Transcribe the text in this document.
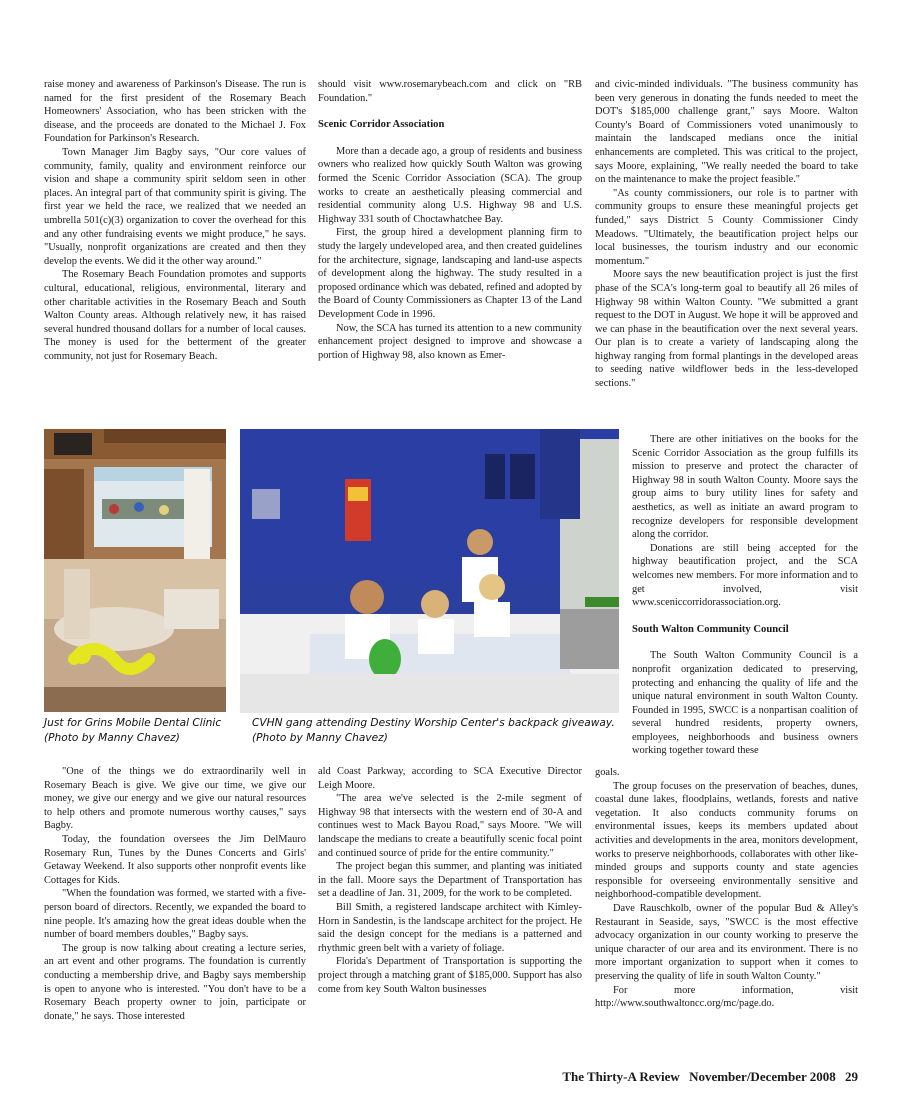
raise money and awareness of Parkinson's Disease. The run is named for the first president of the Rosemary Beach Homeowners' Association, who has been stricken with the disease, and the proceeds are donated to the Michael J. Fox Foundation for Parkinson's Research.

Town Manager Jim Bagby says, "Our core values of community, family, quality and environment reinforce our vision and shape a community spirit seldom seen in other places. An integral part of that community spirit is giving. The first year we held the race, we realized that we needed an umbrella 501(c)(3) organization to cover the overhead for this and any other fundraising events we might produce," he says. "Usually, nonprofit organizations are created and then they develop the events. We did it the other way around."

The Rosemary Beach Foundation promotes and supports cultural, educational, religious, environmental, literary and other charitable activities in the Rosemary Beach and South Walton County areas. Although relatively new, it has raised several hundred thousand dollars for a number of local causes. The money is used for the betterment of the greater community, not just for Rosemary Beach.

should visit www.rosemarybeach.com and click on "RB Foundation."

Scenic Corridor Association

More than a decade ago, a group of residents and business owners who realized how quickly South Walton was growing formed the Scenic Corridor Association (SCA). The group works to create an aesthetically pleasing commercial and residential community along U.S. Highway 98 and U.S. Highway 331 south of Choctawhatchee Bay.

First, the group hired a development planning firm to study the largely undeveloped area, and then created guidelines for the architecture, signage, landscaping and land-use aspects of development along the highway. The study resulted in a proposed ordinance which was debated, refined and adopted by the Board of County Commissioners as Chapter 13 of the Land Development Code in 1996.

Now, the SCA has turned its attention to a new community enhancement project designed to improve and showcase a portion of Highway 98, also known as Emer-

and civic-minded individuals. "The business community has been very generous in donating the funds needed to meet the DOT's $185,000 challenge grant," says Moore. Walton County's Board of Commissioners voted unanimously to maintain the landscaped medians once the initial enhancements are completed. This was critical to the project, says Moore, explaining, "We really needed the board to take on the maintenance to make the project feasible."

"As county commissioners, our role is to partner with community groups to ensure these meaningful projects get funded," says District 5 County Commissioner Cindy Meadows. "Ultimately, the beautification project helps our local businesses, the tourism industry and our economic momentum."

Moore says the new beautification project is just the first phase of the SCA's long-term goal to beautify all 26 miles of Highway 98 within Walton County. "We submitted a grant request to the DOT in August. We hope it will be approved and we can phase in the beautification over the next several years. Our plan is to create a variety of landscaping along the highway ranging from formal plantings in the developed areas to seeding native wildflower beds in the less-developed sections."

Just for Grins Mobile Dental Clinic (Photo by Manny Chavez)
CVHN gang attending Destiny Worship Center's backpack giveaway. (Photo by Manny Chavez)

There are other initiatives on the books for the Scenic Corridor Association as the group fulfills its mission to preserve and protect the character of Highway 98 in south Walton County. Moore says the group aims to bury utility lines for safety and aesthetics, as well as initiate an award program to recognize developers for responsible development along the corridor.

Donations are still being accepted for the highway beautification project, and the SCA welcomes new members. For more information and to get involved, visit www.sceniccorridorassociation.org.

South Walton Community Council

The South Walton Community Council is a nonprofit organization dedicated to preserving, protecting and enhancing the quality of life and the unique natural environment in south Walton County. Founded in 1995, SWCC is a nonpartisan coalition of several hundred residents, property owners, employees, neighborhoods and business owners working together toward these

"One of the things we do extraordinarily well in Rosemary Beach is give. We give our time, we give our money, we give our energy and we give our natural resources to help others and promote numerous worthy causes," says Bagby.

Today, the foundation oversees the Jim DelMauro Rosemary Run, Tunes by the Dunes Concerts and Girls' Getaway Weekend. It also supports other nonprofit events like Cottages for Kids.

"When the foundation was formed, we started with a five-person board of directors. Recently, we expanded the board to nine people. It's amazing how the great ideas double when the number of board members doubles," Bagby says.

The group is now talking about creating a lecture series, an art event and other programs. The foundation is currently conducting a membership drive, and Bagby says membership is open to anyone who is interested. "You don't have to be a Rosemary Beach property owner to join, participate or donate," he says. Those interested

ald Coast Parkway, according to SCA Executive Director Leigh Moore.

"The area we've selected is the 2-mile segment of Highway 98 that intersects with the western end of 30-A and continues west to Mack Bayou Road," says Moore. "We will landscape the medians to create a beautifully scenic focal point and continued source of pride for the entire community."

The project began this summer, and planting was initiated in the fall. Moore says the Department of Transportation has set a deadline of Jan. 31, 2009, for the work to be completed.

Bill Smith, a registered landscape architect with Kimley-Horn in Sandestin, is the landscape architect for the project. He said the design concept for the medians is a patterned and rhythmic green belt with a variety of foliage.

Florida's Department of Transportation is supporting the project through a matching grant of $185,000. Support has also come from key South Walton businesses

goals.

The group focuses on the preservation of beaches, dunes, coastal dune lakes, floodplains, wetlands, forests and native vegetation. It also conducts community forums on environmental issues, keeps its members updated about activities and developments in the area, monitors development, works to preserve neighborhoods, collaborates with other like-minded groups and supports county and state agencies responsible for overseeing environmentally sensitive and neighborhood-compatible development.

Dave Rauschkolb, owner of the popular Bud & Alley's Restaurant in Seaside, says, "SWCC is the most effective advocacy organization in our county working to preserve the unique character of our area and its environment. There is no more important organization to support when it comes to preserving the quality of life in south Walton County."

For more information, visit http://www.southwaltoncc.org/mc/page.do.

The Thirty-A Review November/December 2008 29
